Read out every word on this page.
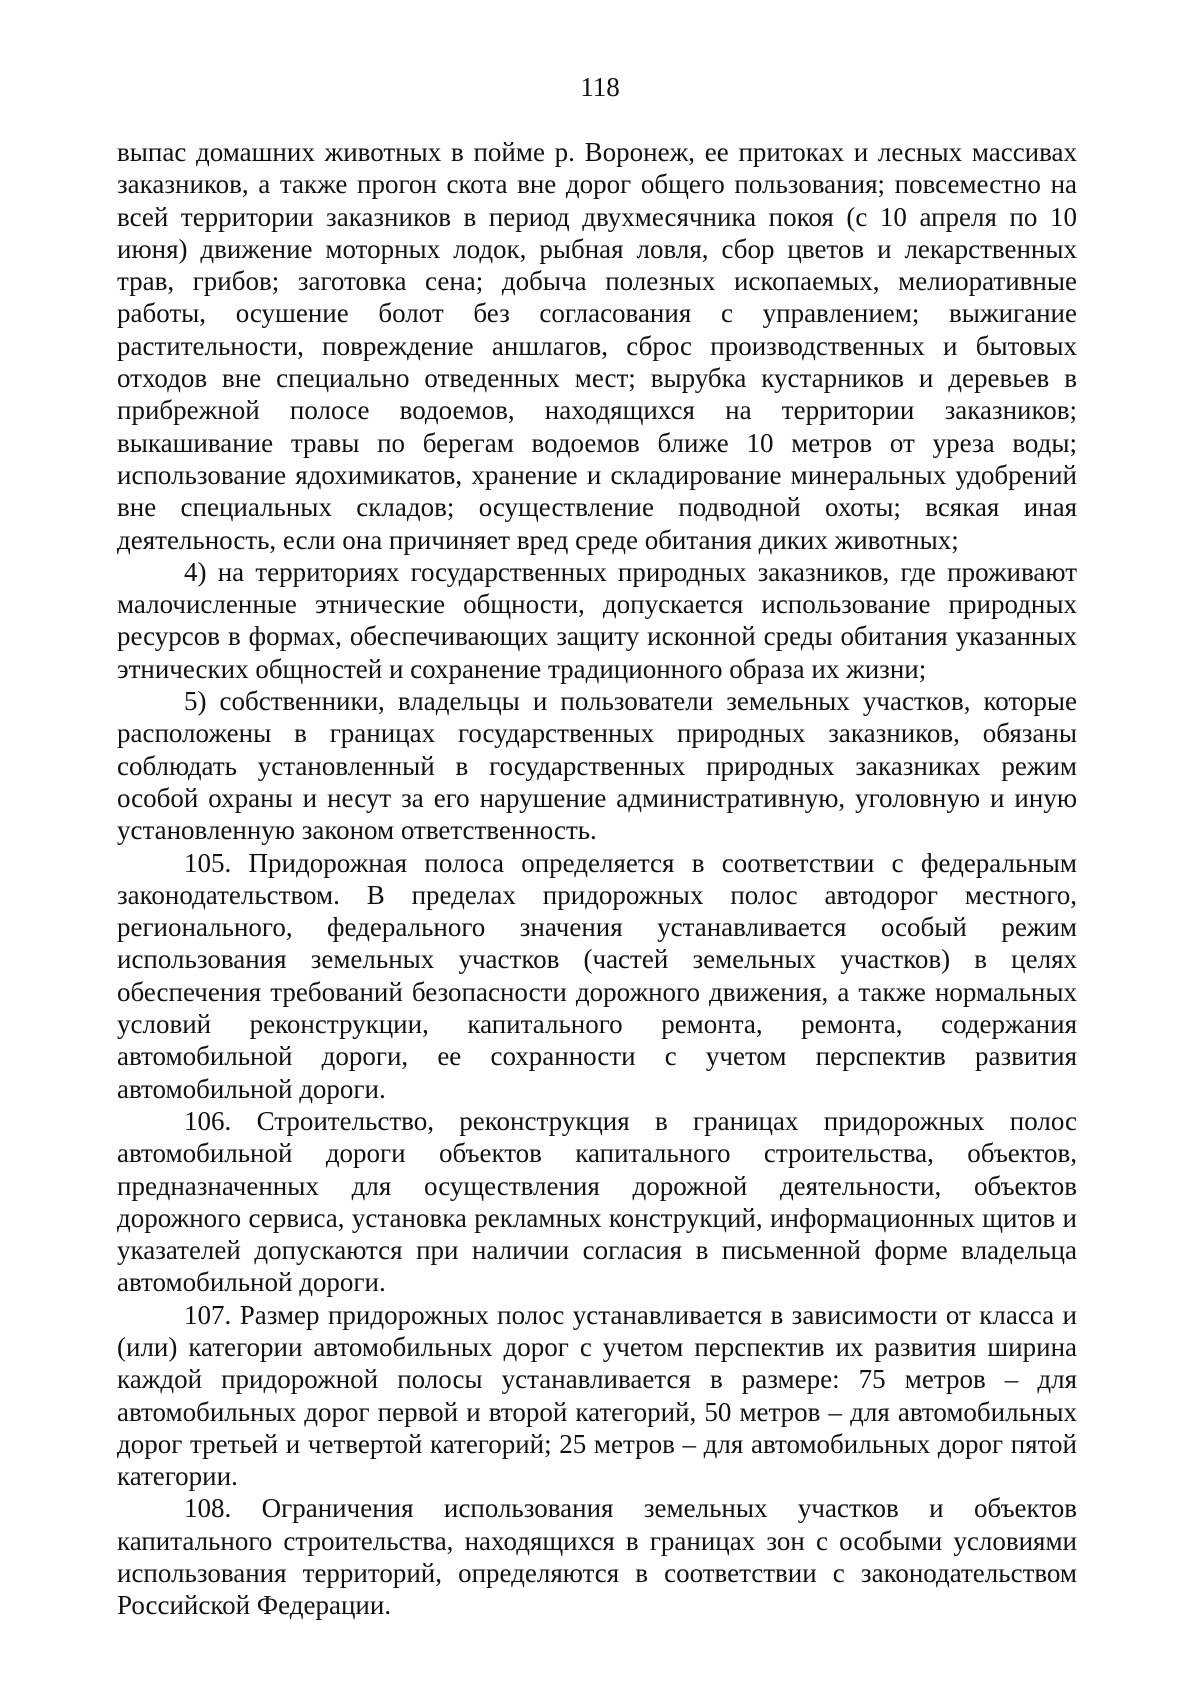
118

выпас домашних животных в пойме р. Воронеж, ее притоках и лесных массивах заказников, а также прогон скота вне дорог общего пользования; повсеместно на всей территории заказников в период двухмесячника покоя (с 10 апреля по 10 июня) движение моторных лодок, рыбная ловля, сбор цветов и лекарственных трав, грибов; заготовка сена; добыча полезных ископаемых, мелиоративные работы, осушение болот без согласования с управлением; выжигание растительности, повреждение аншлагов, сброс производственных и бытовых отходов вне специально отведенных мест; вырубка кустарников и деревьев в прибрежной полосе водоемов, находящихся на территории заказников; выкашивание травы по берегам водоемов ближе 10 метров от уреза воды; использование ядохимикатов, хранение и складирование минеральных удобрений вне специальных складов; осуществление подводной охоты; всякая иная деятельность, если она причиняет вред среде обитания диких животных;

4) на территориях государственных природных заказников, где проживают малочисленные этнические общности, допускается использование природных ресурсов в формах, обеспечивающих защиту исконной среды обитания указанных этнических общностей и сохранение традиционного образа их жизни;

5) собственники, владельцы и пользователи земельных участков, которые расположены в границах государственных природных заказников, обязаны соблюдать установленный в государственных природных заказниках режим особой охраны и несут за его нарушение административную, уголовную и иную установленную законом ответственность.

105. Придорожная полоса определяется в соответствии с федеральным законодательством. В пределах придорожных полос автодорог местного, регионального, федерального значения устанавливается особый режим использования земельных участков (частей земельных участков) в целях обеспечения требований безопасности дорожного движения, а также нормальных условий реконструкции, капитального ремонта, ремонта, содержания автомобильной дороги, ее сохранности с учетом перспектив развития автомобильной дороги.

106. Строительство, реконструкция в границах придорожных полос автомобильной дороги объектов капитального строительства, объектов, предназначенных для осуществления дорожной деятельности, объектов дорожного сервиса, установка рекламных конструкций, информационных щитов и указателей допускаются при наличии согласия в письменной форме владельца автомобильной дороги.

107. Размер придорожных полос устанавливается в зависимости от класса и (или) категории автомобильных дорог с учетом перспектив их развития ширина каждой придорожной полосы устанавливается в размере: 75 метров – для автомобильных дорог первой и второй категорий, 50 метров – для автомобильных дорог третьей и четвертой категорий; 25 метров – для автомобильных дорог пятой категории.

108. Ограничения использования земельных участков и объектов капитального строительства, находящихся в границах зон с особыми условиями использования территорий, определяются в соответствии с законодательством Российской Федерации.
